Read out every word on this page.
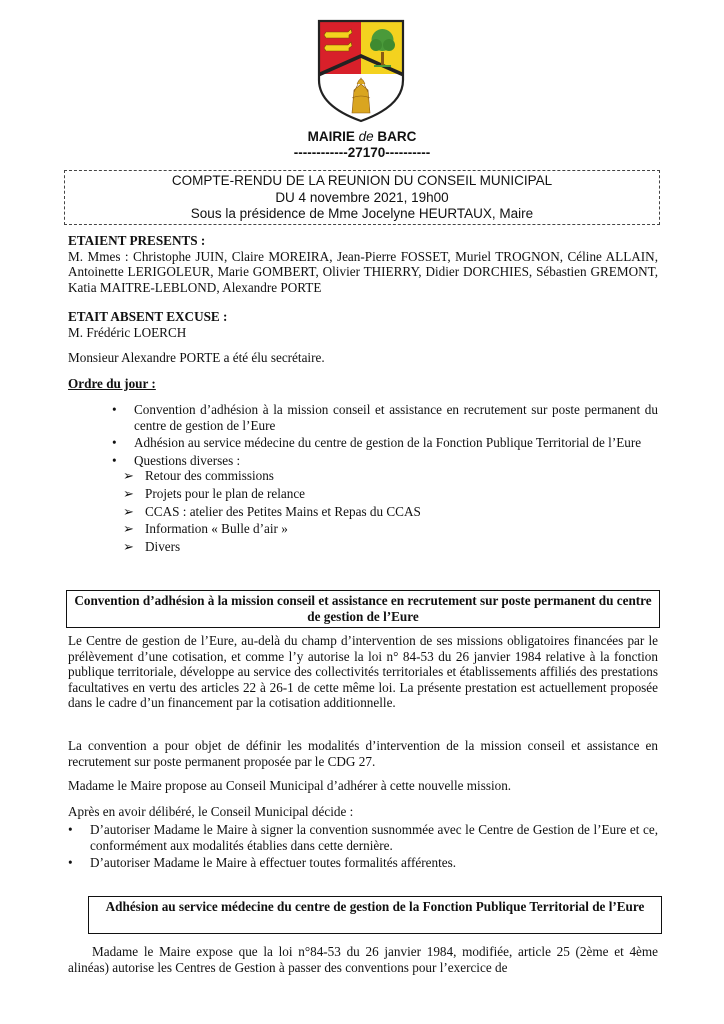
MAIRIE de BARC
------------27170----------
COMPTE-RENDU DE LA REUNION DU CONSEIL MUNICIPAL
DU 4 novembre 2021, 19h00
Sous la présidence de Mme Jocelyne HEURTAUX, Maire
ETAIENT PRESENTS :
M. Mmes : Christophe JUIN, Claire MOREIRA, Jean-Pierre FOSSET, Muriel TROGNON, Céline ALLAIN, Antoinette LERIGOLEUR, Marie GOMBERT, Olivier THIERRY, Didier DORCHIES, Sébastien GREMONT, Katia MAITRE-LEBLOND, Alexandre PORTE
ETAIT ABSENT EXCUSE :
M. Frédéric LOERCH
Monsieur Alexandre PORTE a été élu secrétaire.
Ordre du jour :
• Convention d’adhésion à la mission conseil et assistance en recrutement sur poste permanent du centre de gestion de l’Eure
• Adhésion au service médecine du centre de gestion de la Fonction Publique Territorial de l’Eure
• Questions diverses :
➢ Retour des commissions
➢ Projets pour le plan de relance
➢ CCAS : atelier des Petites Mains et Repas du CCAS
➢ Information « Bulle d’air »
➢ Divers
Convention d’adhésion à la mission conseil et assistance en recrutement sur poste permanent du centre de gestion de l’Eure
Le Centre de gestion de l’Eure, au-delà du champ d’intervention de ses missions obligatoires financées par le prélèvement d’une cotisation, et comme l’y autorise la loi n° 84-53 du 26 janvier 1984 relative à la fonction publique territoriale, développe au service des collectivités territoriales et établissements affiliés des prestations facultatives en vertu des articles 22 à 26-1 de cette même loi. La présente prestation est actuellement proposée dans le cadre d’un financement par la cotisation additionnelle.
La convention a pour objet de définir les modalités d’intervention de la mission conseil et assistance en recrutement sur poste permanent proposée par le CDG 27.
Madame le Maire propose au Conseil Municipal d’adhérer à cette nouvelle mission.
Après en avoir délibéré, le Conseil Municipal décide :
• D’autoriser Madame le Maire à signer la convention susnommée avec le Centre de Gestion de l’Eure et ce, conformément aux modalités établies dans cette dernière.
• D’autoriser Madame le Maire à effectuer toutes formalités afférentes.
Adhésion au service médecine du centre de gestion de la Fonction Publique Territorial de l’Eure
Madame le Maire expose que la loi n°84-53 du 26 janvier 1984, modifiée, article 25 (2ème et 4ème alinéas) autorise les Centres de Gestion à passer des conventions pour l’exercice de
